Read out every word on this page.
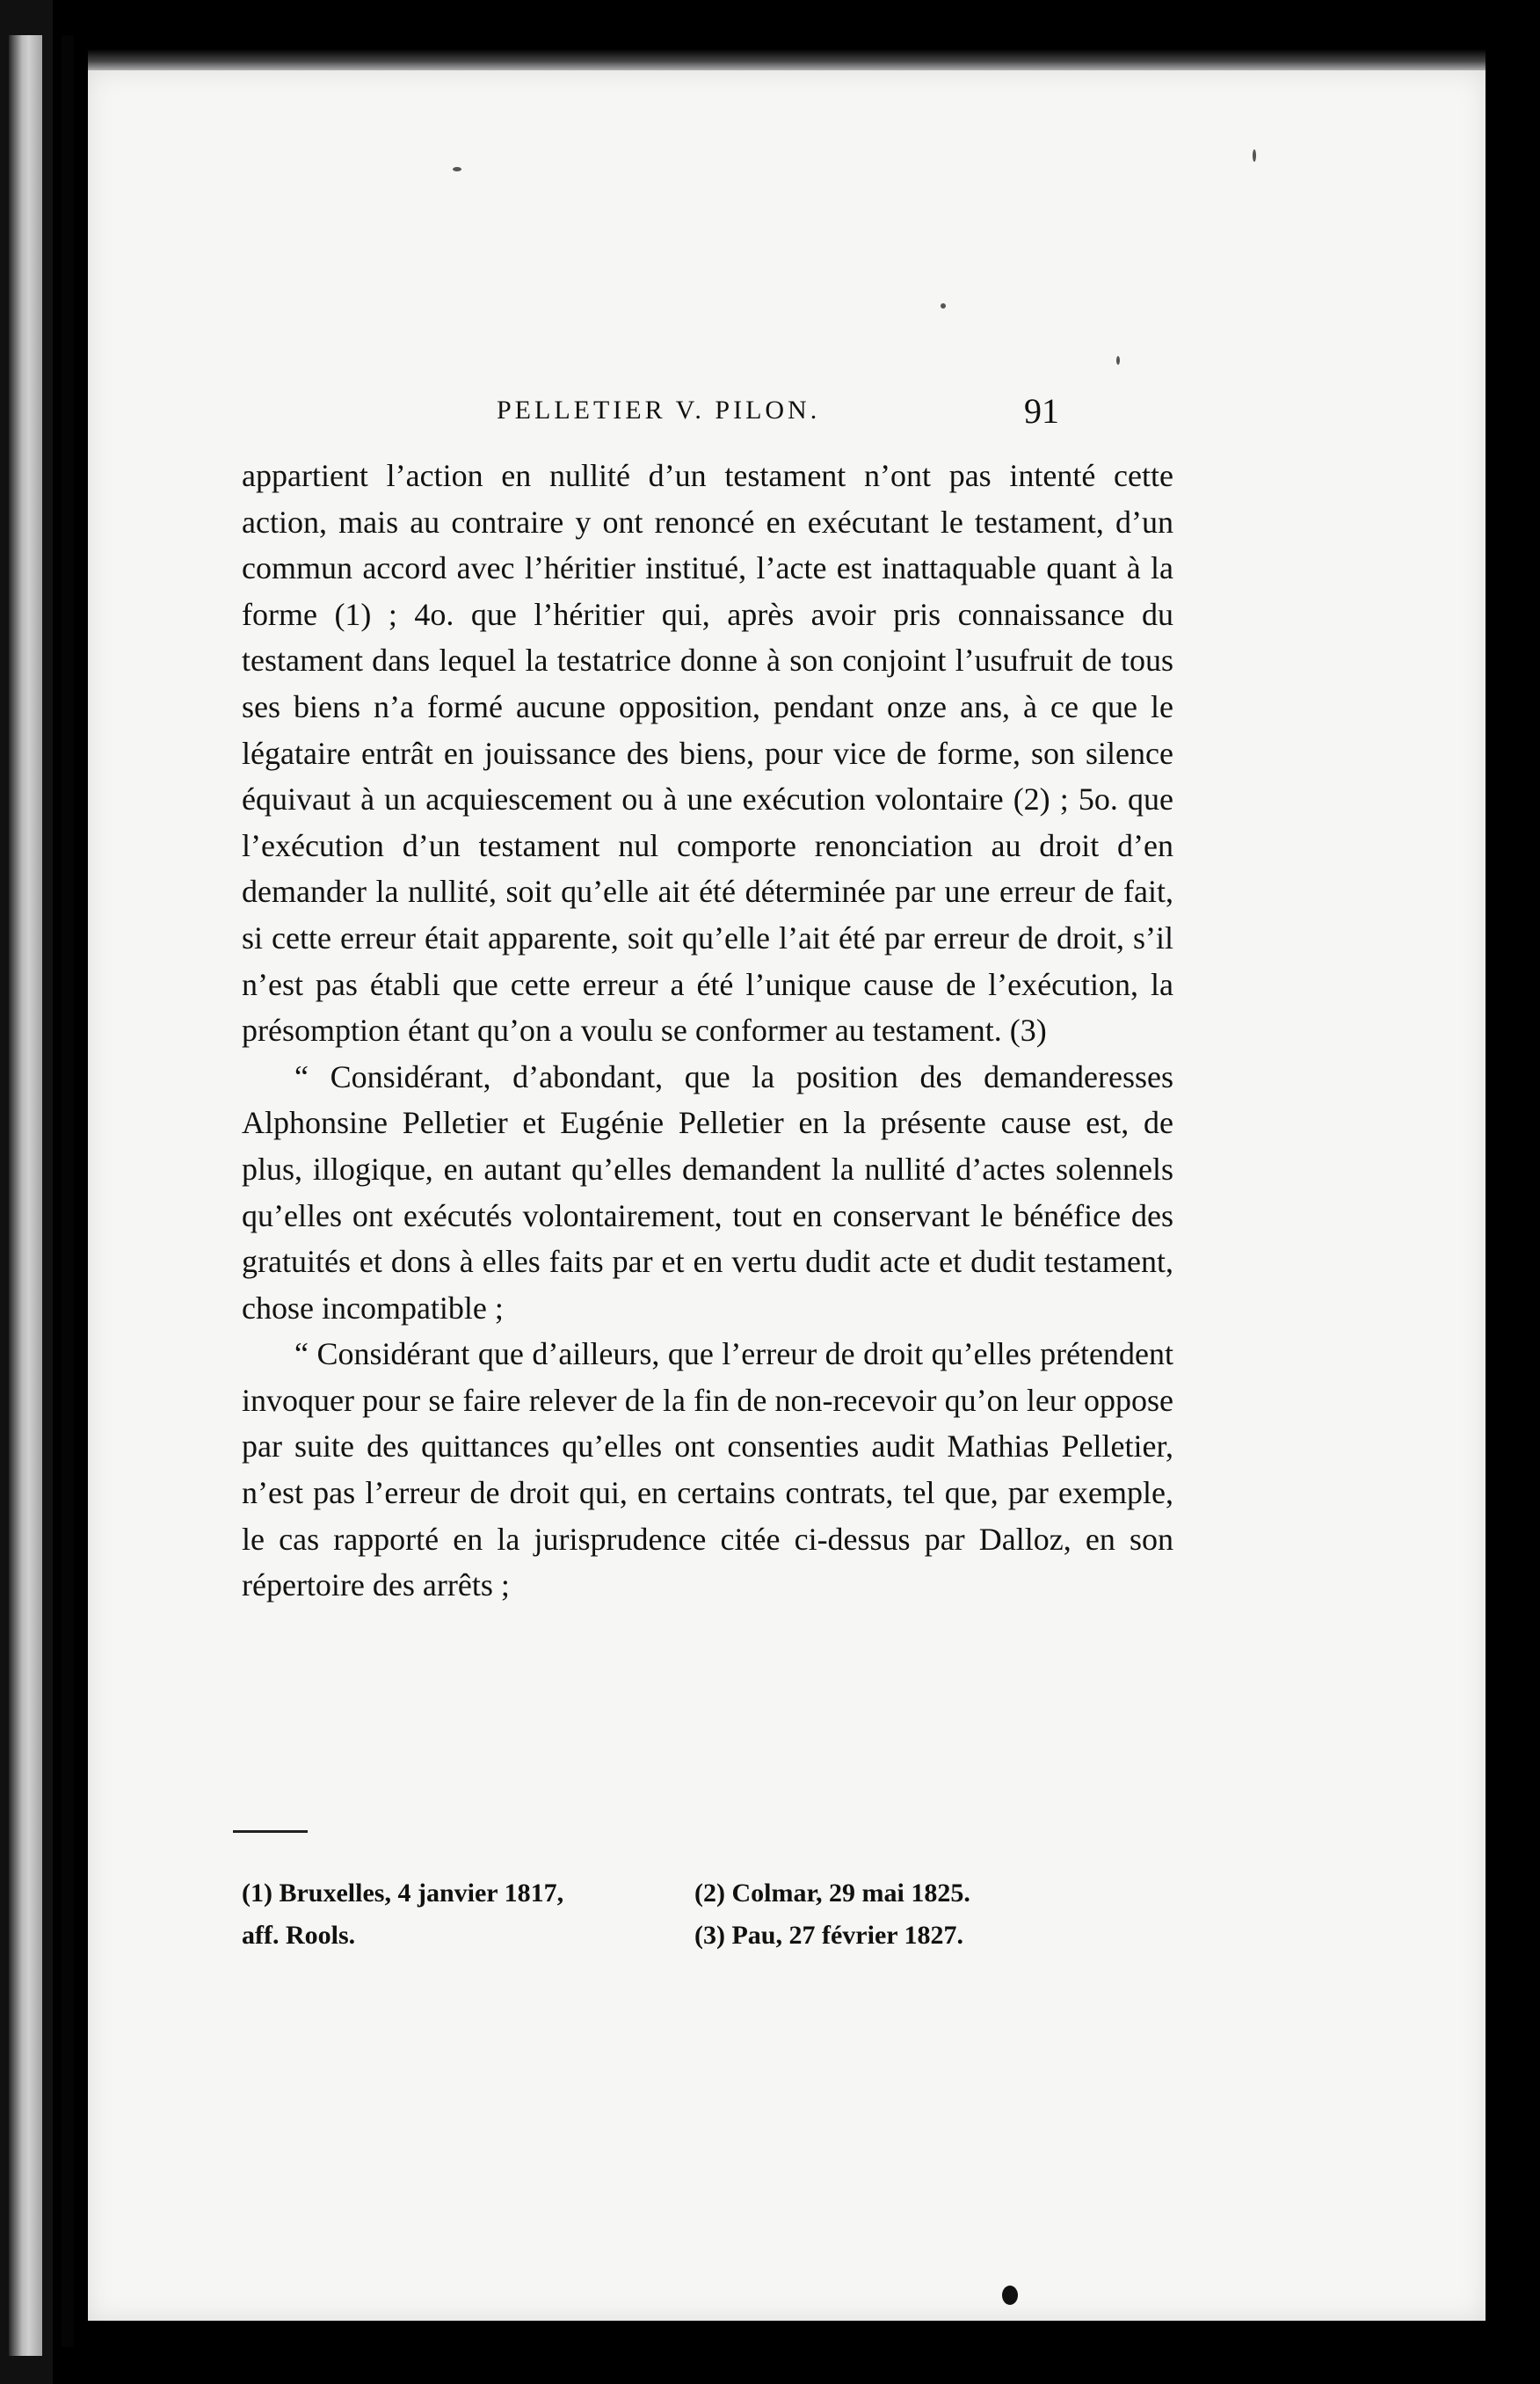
PELLETIER V. PILON.	91

appartient l’action en nullité d’un testament n’ont pas intenté cette action, mais au contraire y ont renoncé en exécutant le testament, d’un commun accord avec l’héritier institué, l’acte est inattaquable quant à la forme (1) ; 4o. que l’héritier qui, après avoir pris connaissance du testament dans lequel la testatrice donne à son conjoint l’usufruit de tous ses biens n’a formé aucune opposition, pendant onze ans, à ce que le légataire entrât en jouissance des biens, pour vice de forme, son silence équivaut à un acquiescement ou à une exécution volontaire (2) ; 5o. que l’exécution d’un testament nul comporte renonciation au droit d’en demander la nullité, soit qu’elle ait été déterminée par une erreur de fait, si cette erreur était apparente, soit qu’elle l’ait été par erreur de droit, s’il n’est pas établi que cette erreur a été l’unique cause de l’exécution, la présomption étant qu’on a voulu se conformer au testament. (3)

“ Considérant, d’abondant, que la position des demanderesses Alphonsine Pelletier et Eugénie Pelletier en la présente cause est, de plus, illogique, en autant qu’elles demandent la nullité d’actes solennels qu’elles ont exécutés volontairement, tout en conservant le bénéfice des gratuités et dons à elles faits par et en vertu dudit acte et dudit testament, chose incompatible ;

“ Considérant que d’ailleurs, que l’erreur de droit qu’elles prétendent invoquer pour se faire relever de la fin de non-recevoir qu’on leur oppose par suite des quittances qu’elles ont consenties audit Mathias Pelletier, n’est pas l’erreur de droit qui, en certains contrats, tel que, par exemple, le cas rapporté en la jurisprudence citée ci-dessus par Dalloz, en son répertoire des arrêts ;

(1) Bruxelles, 4 janvier 1817,
aff. Rools.
(2) Colmar, 29 mai 1825.
(3) Pau, 27 février 1827.
